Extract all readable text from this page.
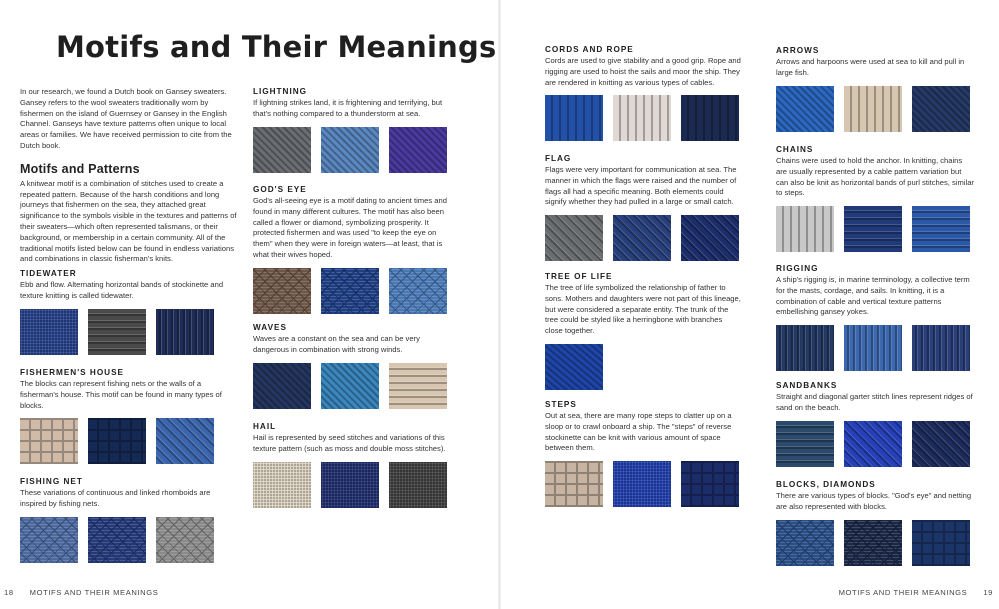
Motifs and Their Meanings

In our research, we found a Dutch book on Gansey sweaters. Gansey refers to the wool sweaters traditionally worn by fishermen on the island of Guernsey or Gansey in the English Channel. Ganseys have texture patterns often unique to local areas or families. We have received permission to cite from the Dutch book.

Motifs and Patterns

A knitwear motif is a combination of stitches used to create a repeated pattern. Because of the harsh conditions and long journeys that fishermen on the sea, they attached great significance to the symbols visible in the textures and patterns of their sweaters—which often represented talismans, or their background, or membership in a certain community. All of the traditional motifs listed below can be found in endless variations and combinations in classic fisherman's knits.

TIDEWATER

Ebb and flow. Alternating horizontal bands of stockinette and texture knitting is called tidewater.

FISHERMEN'S HOUSE

The blocks can represent fishing nets or the walls of a fisherman's house. This motif can be found in many types of blocks.

FISHING NET

These variations of continuous and linked rhomboids are inspired by fishing nets.

LIGHTNING

If lightning strikes land, it is frightening and terrifying, but that's nothing compared to a thunderstorm at sea.

GOD'S EYE

God's all-seeing eye is a motif dating to ancient times and found in many different cultures. The motif has also been called a flower or diamond, symbolizing prosperity. It protected fishermen and was used "to keep the eye on them" when they were in foreign waters—at least, that is what their wives hoped.

WAVES

Waves are a constant on the sea and can be very dangerous in combination with strong winds.

HAIL

Hail is represented by seed stitches and variations of this texture pattern (such as moss and double moss stitches).

18 MOTIFS AND THEIR MEANINGS
CORDS AND ROPE

Cords are used to give stability and a good grip. Rope and rigging are used to hoist the sails and moor the ship. They are rendered in knitting as various types of cables.

FLAG

Flags were very important for communication at sea. The manner in which the flags were raised and the number of flags all had a specific meaning. Both elements could signify whether they had pulled in a large or small catch.

TREE OF LIFE

The tree of life symbolized the relationship of father to sons. Mothers and daughters were not part of this lineage, but were considered a separate entity. The trunk of the tree could be styled like a herringbone with branches close together.

STEPS

Out at sea, there are many rope steps to clatter up on a sloop or to crawl onboard a ship. The "steps" of reverse stockinette can be knit with various amount of space between them.

ARROWS

Arrows and harpoons were used at sea to kill and pull in large fish.

CHAINS

Chains were used to hold the anchor. In knitting, chains are usually represented by a cable pattern variation but can also be knit as horizontal bands of purl stitches, similar to steps.

RIGGING

A ship's rigging is, in marine terminology, a collective term for the masts, cordage, and sails. In knitting, it is a combination of cable and vertical texture patterns embellishing gansey yokes.

SANDBANKS

Straight and diagonal garter stitch lines represent ridges of sand on the beach.

BLOCKS, DIAMONDS

There are various types of blocks. "God's eye" and netting are also represented with blocks.

MOTIFS AND THEIR MEANINGS 19
